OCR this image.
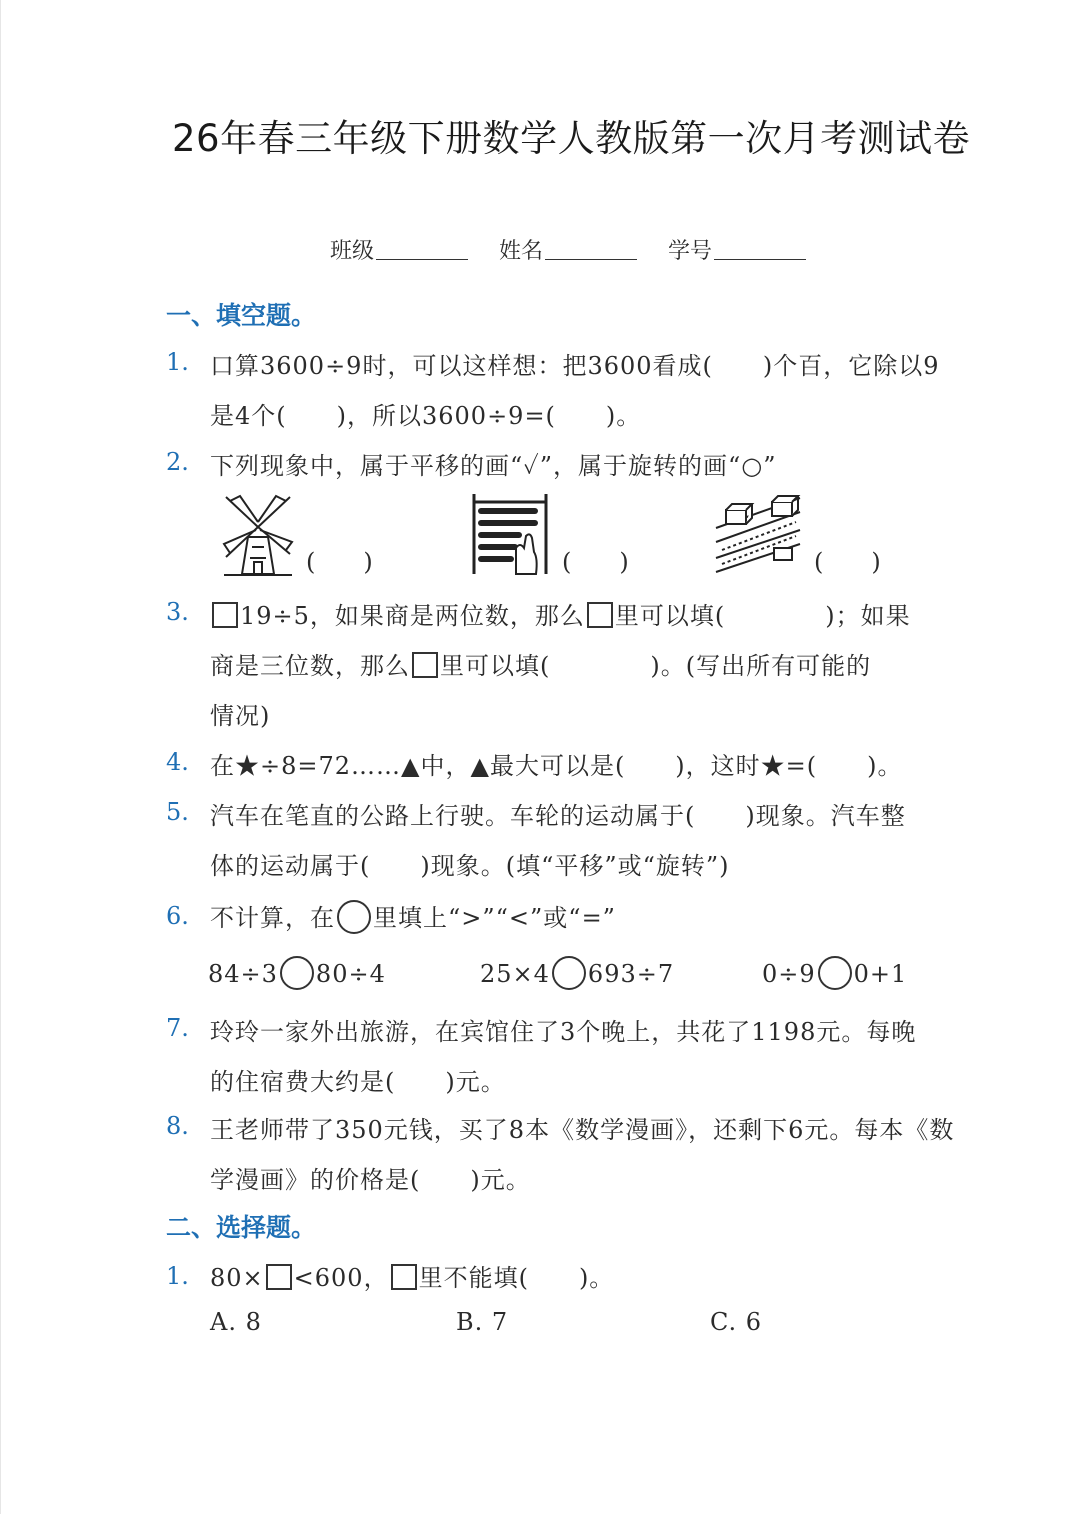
26年春三年级下册数学人教版第一次月考测试卷
班级	姓名	学号
一、填空题。
1. 口算3600÷9时，可以这样想：把3600看成(　　)个百，它除以9
是4个(　　)，所以3600÷9=(　　)。
2. 下列现象中，属于平移的画“✓”，属于旋转的画“○”
(　　)	(　　)	(　　)
3.	19÷5，如果商是两位数，那么 里可以填(　　　　)；如果
商是三位数，那么 里可以填(　　　　)。(写出所有可能的
情况)
4. 在★÷8=72……▲中，▲最大可以是(　　)，这时★=(　　)。
5. 汽车在笔直的公路上行驶。车轮的运动属于(　　)现象。汽车整
体的运动属于(　　)现象。(填“平移”或“旋转”)
6. 不计算，在 里填上“>”“<”或“=”
84÷3 80÷4	25×4 693÷7	0÷9 0+1
7. 玲玲一家外出旅游，在宾馆住了3个晚上，共花了1198元。每晚
的住宿费大约是(　　)元。
8. 王老师带了350元钱，买了8本《数学漫画》，还剩下6元。每本《数
学漫画》的价格是(　　)元。
二、选择题。
1. 80× <600， 里不能填(　　)。
A. 8	B. 7	C. 6
